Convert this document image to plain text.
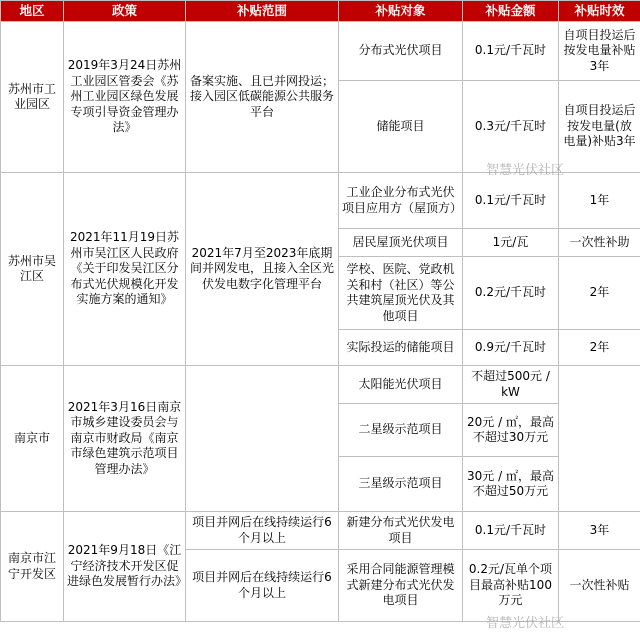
地区	政策	补贴范围	补贴对象	补贴金额	补贴时效
苏州市工业园区	2019年3月24日苏州工业园区管委会《苏州工业园区绿色发展专项引导资金管理办法》	备案实施、且已并网投运；接入园区低碳能源公共服务平台	分布式光伏项目	0.1元/千瓦时	自项目投运后按发电量补贴3年
			储能项目	0.3元/千瓦时	自项目投运后按发电量(放电量)补贴3年
苏州市吴江区	2021年11月19日苏州市吴江区人民政府《关于印发吴江区分布式光伏规模化开发实施方案的通知》	2021年7月至2023年底期间并网发电，且接入全区光伏发电数字化管理平台	工业企业分布式光伏项目应用方（屋顶方）	0.1元/千瓦时	1年
			居民屋顶光伏项目	1元/瓦	一次性补助
			学校、医院、党政机关和村（社区）等公共建筑屋顶光伏及其他项目	0.2元/千瓦时	2年
			实际投运的储能项目	0.9元/千瓦时	2年
南京市	2021年3月16日南京市城乡建设委员会与南京市财政局《南京市绿色建筑示范项目管理办法》		太阳能光伏项目	不超过500元 / kW	
			二星级示范项目	20元 / ㎡，最高不超过30万元	
			三星级示范项目	30元 / ㎡，最高不超过50万元	
南京市江宁开发区	2021年9月18日《江宁经济技术开发区促进绿色发展暂行办法》	项目并网后在线持续运行6个月以上	新建分布式光伏发电项目	0.1元/千瓦时	3年
		项目并网后在线持续运行6个月以上	采用合同能源管理模式新建分布式光伏发电项目	0.2元/瓦单个项目最高补贴100万元	一次性补贴
智慧光伏社区
智慧光伏社区
